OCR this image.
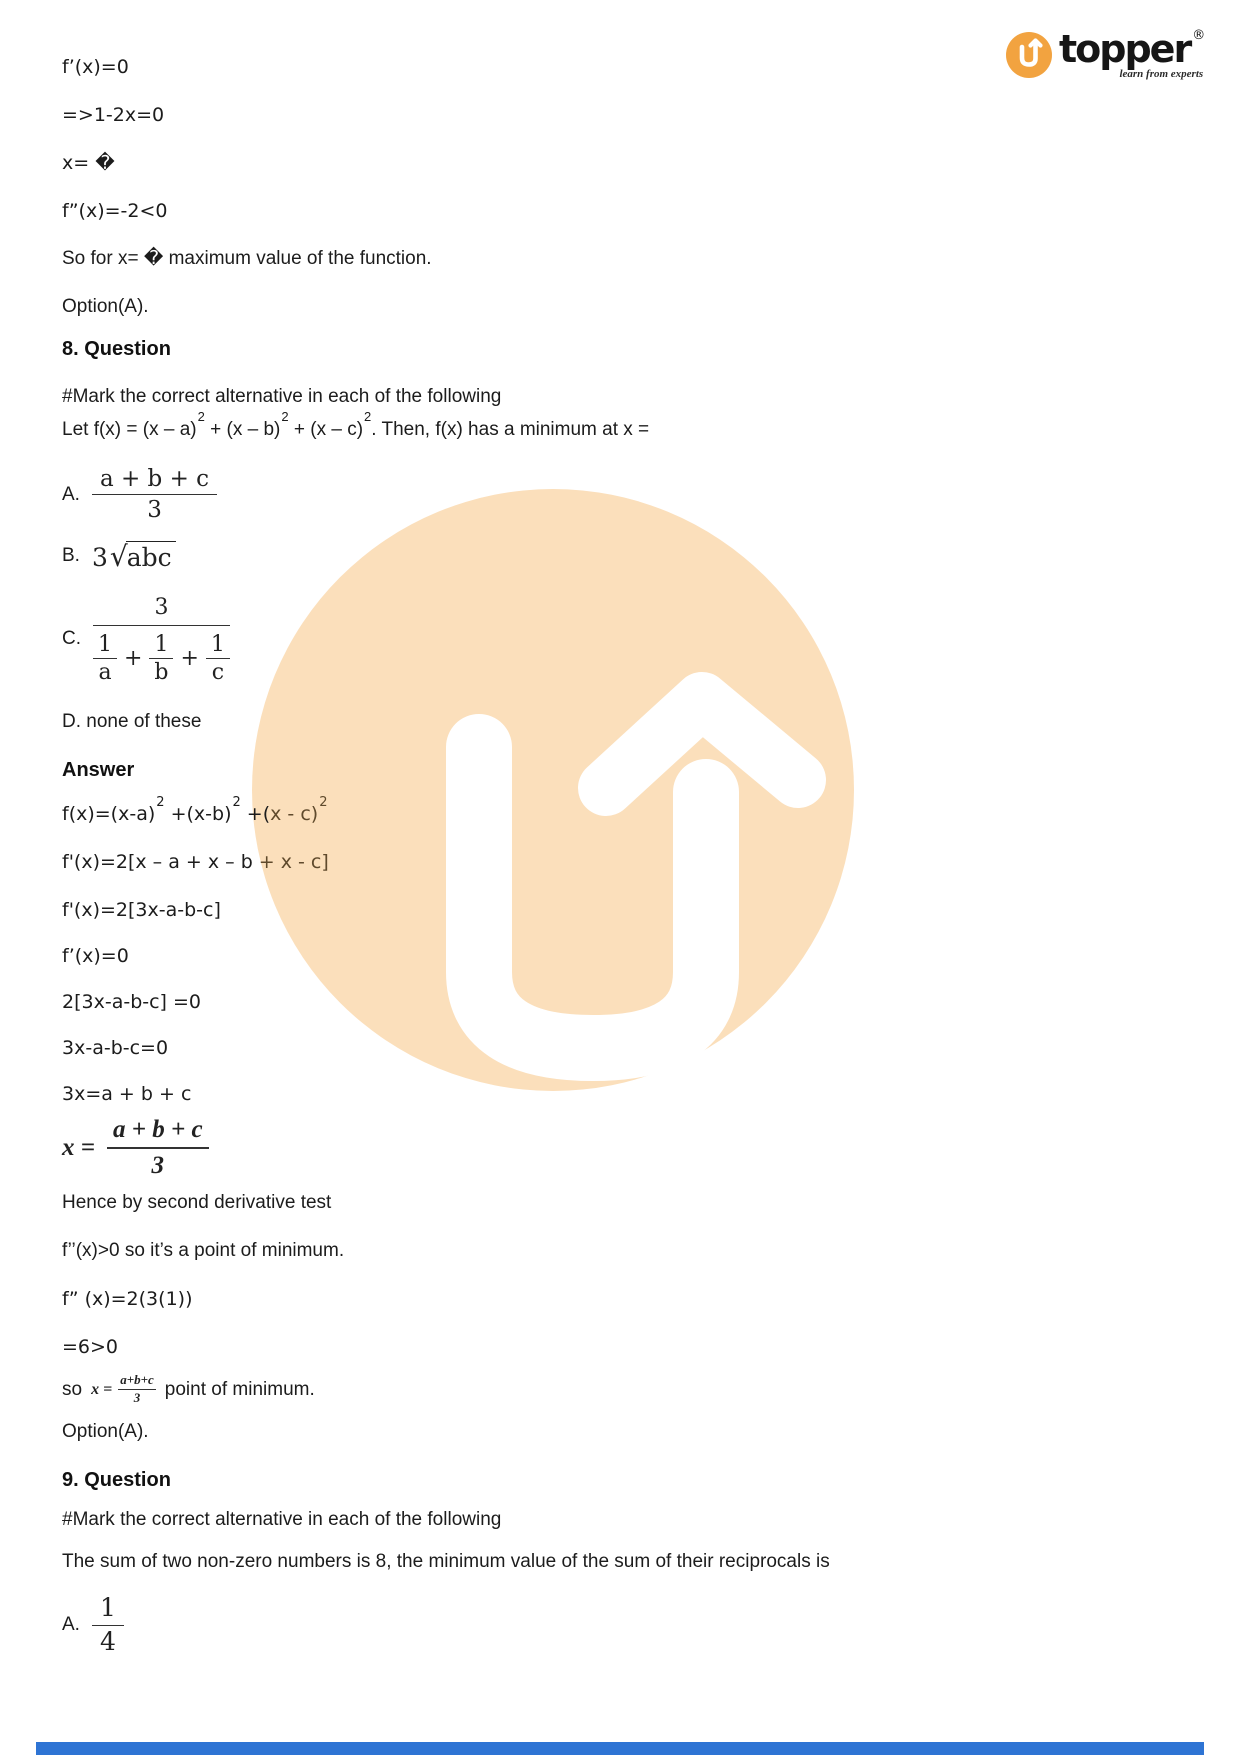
topper ®
learn from experts

f’(x)=0

=>1-2x=0

x= �

f”(x)=-2<0

So for x= � maximum value of the function.

Option(A).

8. Question

#Mark the correct alternative in each of the following

Let f(x) = (x – a)$^2$ + (x – b)$^2$ + (x – c)$^2$. Then, f(x) has a minimum at x =

A. $\frac{a + b + c}{3}$
B. 3 √ abc
C. 3
1
a
+ $\frac{1}{b} + \frac{1}{c}$

D. none of these

Answer

$f(x)=(x-a)^2 +(x-b)^2 +(x - c)^2$

f'(x)=2[x – a + x – b + x - c]

f'(x)=2[3x-a-b-c]

f’(x)=0

2[3x-a-b-c] =0

3x-a-b-c=0

3x=a + b + c

$x = \frac{a + b + c}{3}$

Hence by second derivative test

f’’(x)>0 so it’s a point of minimum.

f” (x)=2(3(1))

=6>0

so $x = \frac{a+b+c}{3}$ point of minimum.

Option(A).

9. Question

#Mark the correct alternative in each of the following

The sum of two non-zero numbers is 8, the minimum value of the sum of their reciprocals is

A. $\frac{1}{4}$
